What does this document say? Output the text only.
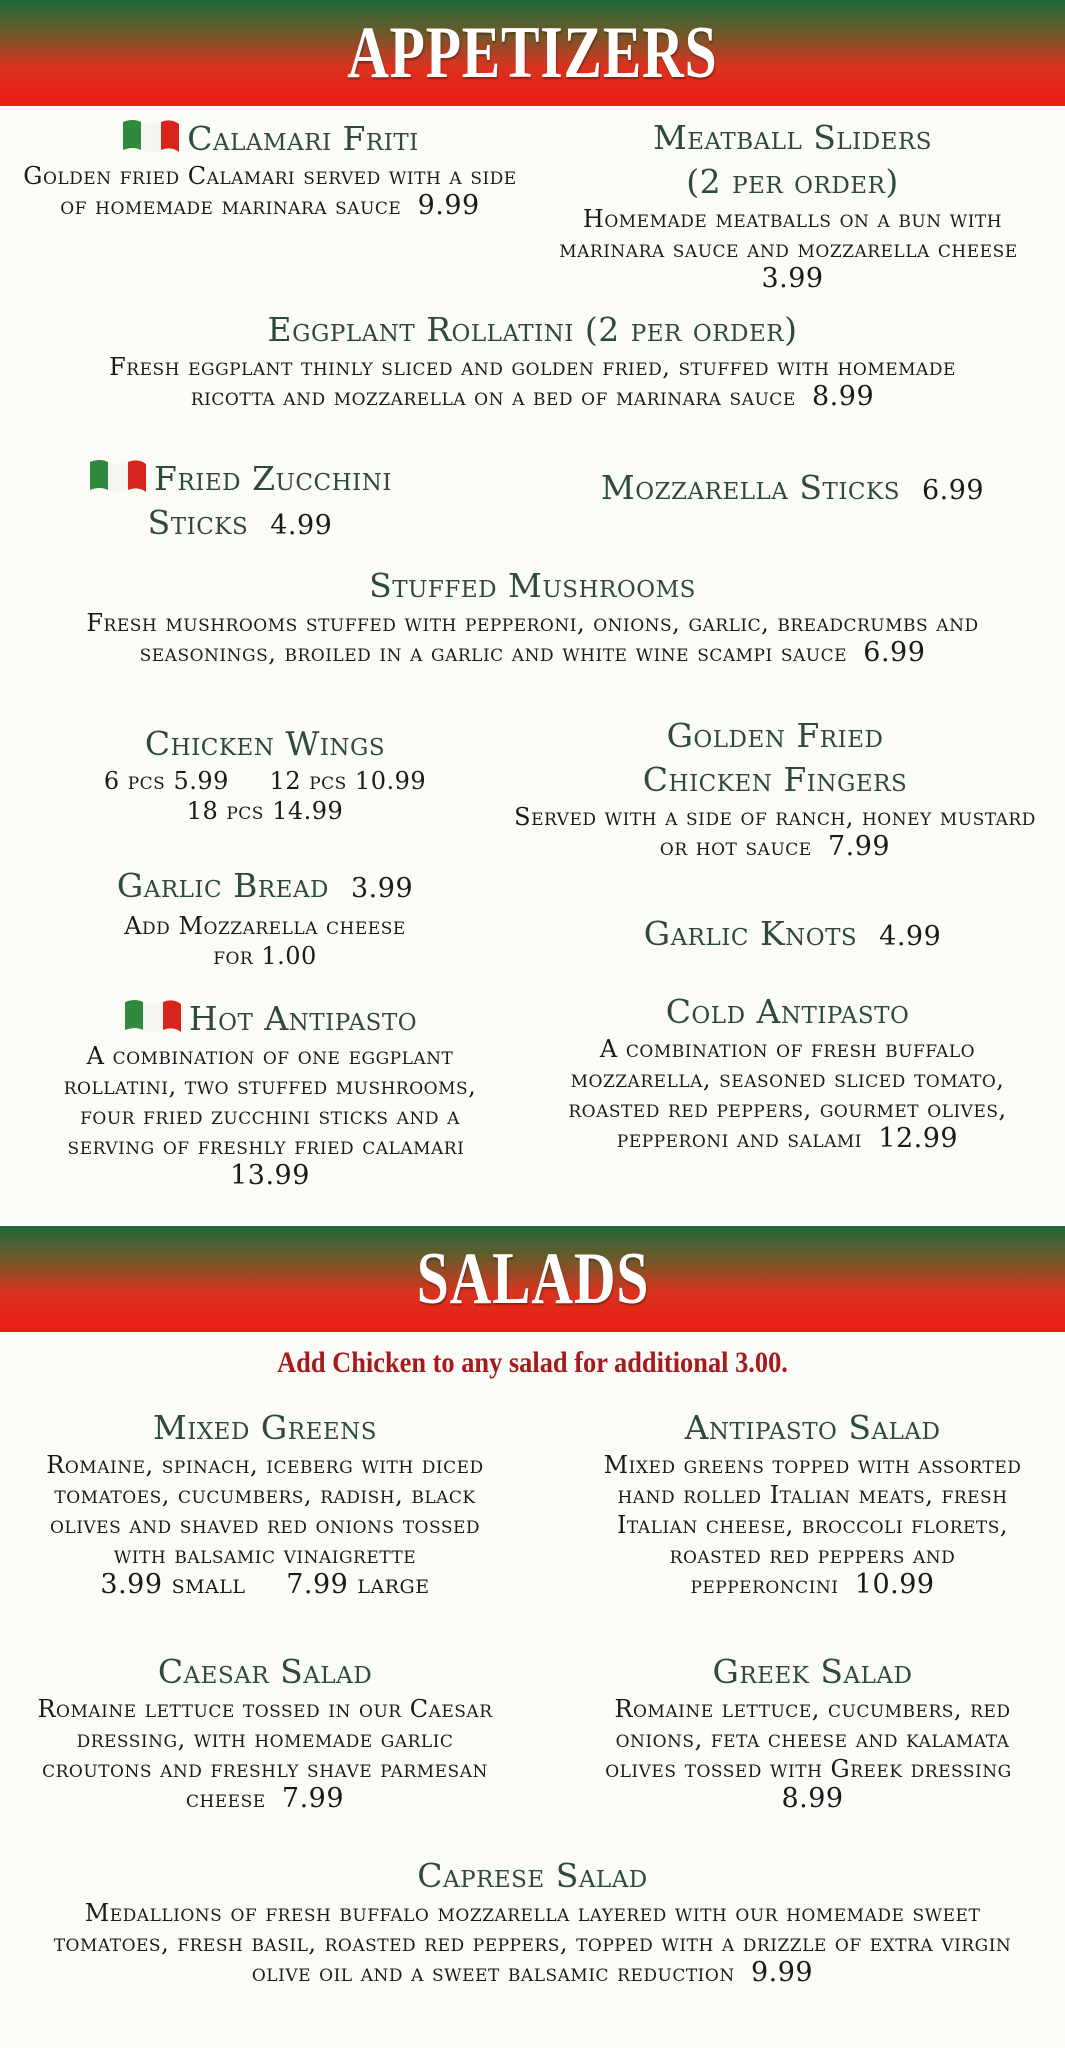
APPETIZERS
Calamari Friti
Golden fried Calamari served with a side of homemade marinara sauce 9.99
Meatball Sliders
(2 per order)
Homemade meatballs on a bun with marinara sauce and mozzarella cheese  3.99
Eggplant Rollatini (2 per order)
Fresh eggplant thinly sliced and golden fried, stuffed with homemade ricotta and mozzarella on a bed of marinara sauce 8.99
Fried Zucchini
Sticks 4.99
Mozzarella Sticks 6.99
Stuffed Mushrooms
Fresh mushrooms stuffed with pepperoni, onions, garlic, breadcrumbs and seasonings, broiled in a garlic and white wine scampi sauce 6.99
Chicken Wings
6 pcs 5.99 12 pcs 10.99
18 pcs 14.99
Golden Fried
Chicken Fingers
Served with a side of ranch, honey mustard or hot sauce 7.99
Garlic Bread 3.99
Add Mozzarella cheese for 1.00
Garlic Knots 4.99
Hot Antipasto
A combination of one eggplant rollatini, two stuffed mushrooms, four fried zucchini sticks and a serving of freshly fried calamari  13.99
Cold Antipasto
A combination of fresh buffalo mozzarella, seasoned sliced tomato, roasted red peppers, gourmet olives, pepperoni and salami 12.99
SALADS
Add Chicken to any salad for additional 3.00.
Mixed Greens
Romaine, spinach, iceberg with diced tomatoes, cucumbers, radish, black olives and shaved red onions tossed with balsamic vinaigrette
3.99 small 7.99 large
Antipasto Salad
Mixed greens topped with assorted hand rolled Italian meats, fresh Italian cheese, broccoli florets, roasted red peppers and pepperoncini 10.99
Caesar Salad
Romaine lettuce tossed in our Caesar dressing, with homemade garlic croutons and freshly shave parmesan cheese 7.99
Greek Salad
Romaine lettuce, cucumbers, red onions, feta cheese and kalamata olives tossed with Greek dressing  8.99
Caprese Salad
Medallions of fresh buffalo mozzarella layered with our homemade sweet tomatoes, fresh basil, roasted red peppers, topped with a drizzle of extra virgin olive oil and a sweet balsamic reduction 9.99
